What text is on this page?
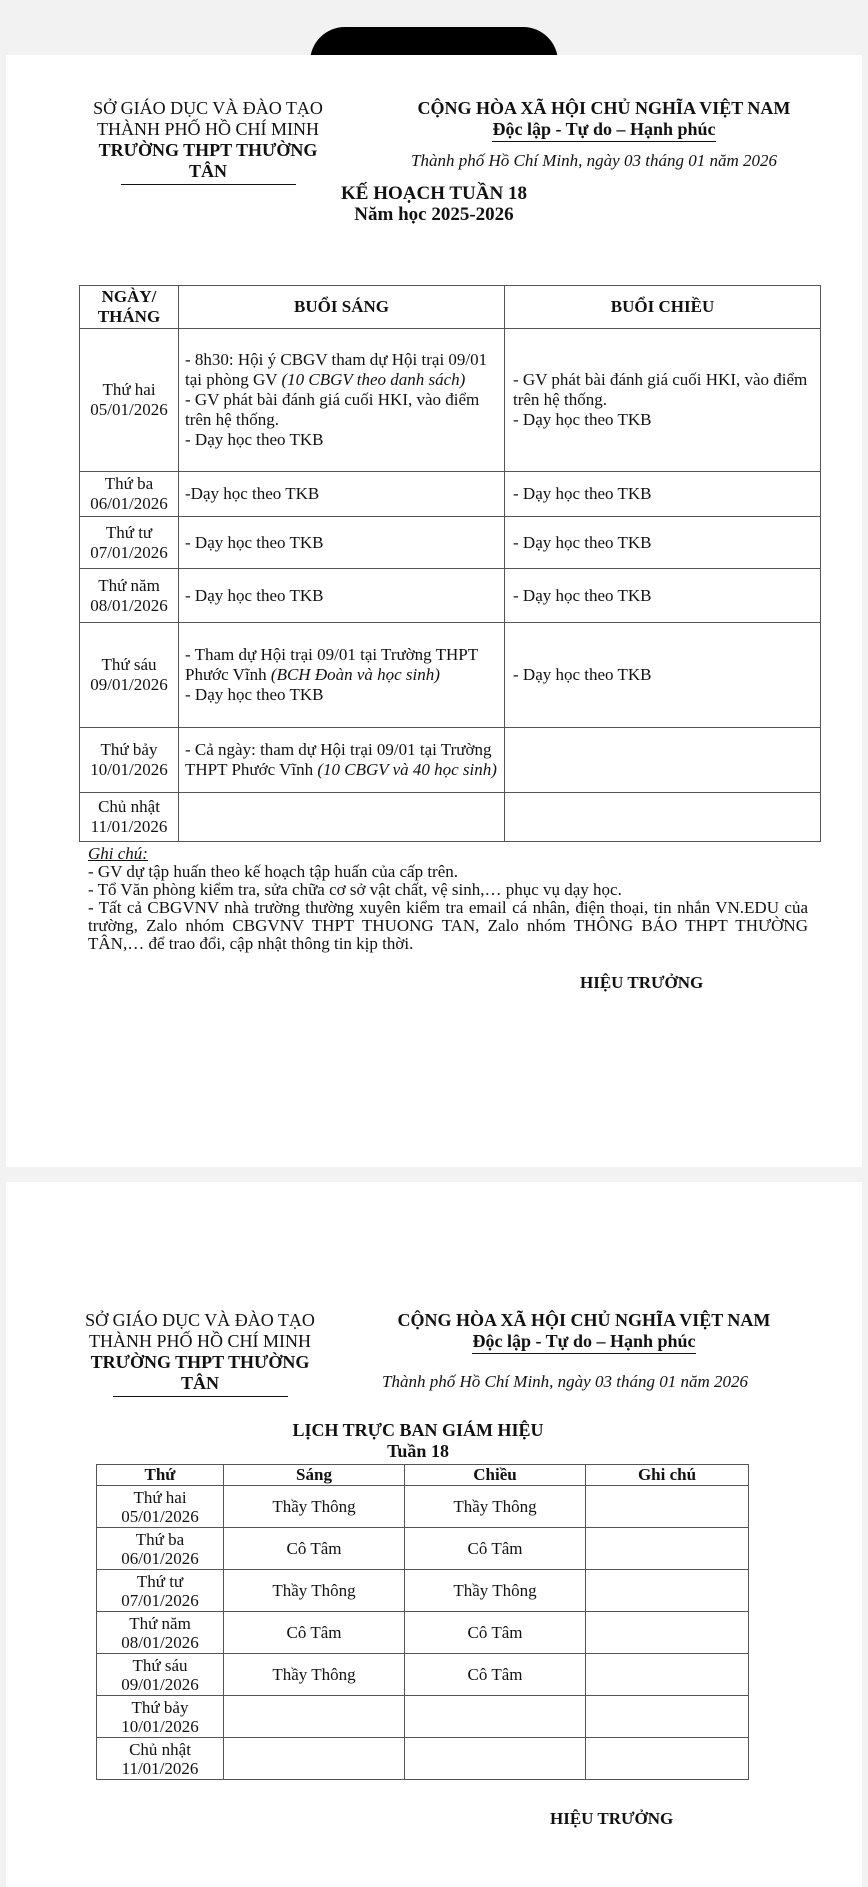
SỞ GIÁO DỤC VÀ ĐÀO TẠO
THÀNH PHỐ HỒ CHÍ MINH
TRƯỜNG THPT THƯỜNG TÂN
CỘNG HÒA XÃ HỘI CHỦ NGHĨA VIỆT NAM
Độc lập - Tự do – Hạnh phúc
Thành phố Hồ Chí Minh, ngày 03 tháng 01 năm 2026
KẾ HOẠCH TUẦN 18
Năm học 2025-2026
NGÀY/
THÁNG	BUỔI SÁNG	BUỔI CHIỀU

Thứ hai
05/01/2026	- 8h30: Hội ý CBGV tham dự Hội trại 09/01 tại phòng GV (10 CBGV theo danh sách)
- GV phát bài đánh giá cuối HKI, vào điểm trên hệ thống.
- Dạy học theo TKB	- GV phát bài đánh giá cuối HKI, vào điểm trên hệ thống.
- Dạy học theo TKB

Thứ ba
06/01/2026	-Dạy học theo TKB	- Dạy học theo TKB

Thứ tư
07/01/2026	- Dạy học theo TKB	- Dạy học theo TKB

Thứ năm
08/01/2026	- Dạy học theo TKB	- Dạy học theo TKB

Thứ sáu
09/01/2026	- Tham dự Hội trại 09/01 tại Trường THPT Phước Vĩnh (BCH Đoàn và học sinh)
- Dạy học theo TKB	- Dạy học theo TKB

Thứ bảy
10/01/2026	- Cả ngày: tham dự Hội trại 09/01 tại Trường THPT Phước Vĩnh (10 CBGV và 40 học sinh)	

Chủ nhật
11/01/2026		

Ghi chú:
- GV dự tập huấn theo kế hoạch tập huấn của cấp trên.
- Tổ Văn phòng kiểm tra, sửa chữa cơ sở vật chất, vệ sinh,… phục vụ dạy học.
- Tất cả CBGVNV nhà trường thường xuyên kiểm tra email cá nhân, điện thoại, tin nhắn VN.EDU của trường, Zalo nhóm CBGVNV THPT THUONG TAN, Zalo nhóm THÔNG BÁO THPT THƯỜNG TÂN,… để trao đổi, cập nhật thông tin kịp thời.
HIỆU TRƯỞNG
SỞ GIÁO DỤC VÀ ĐÀO TẠO
THÀNH PHỐ HỒ CHÍ MINH
TRƯỜNG THPT THƯỜNG TÂN
CỘNG HÒA XÃ HỘI CHỦ NGHĨA VIỆT NAM
Độc lập - Tự do – Hạnh phúc
Thành phố Hồ Chí Minh, ngày 03 tháng 01 năm 2026
LỊCH TRỰC BAN GIÁM HIỆU
Tuần 18
Thứ	Sáng	Chiều	Ghi chú

Thứ hai
05/01/2026	Thầy Thông	Thầy Thông	

Thứ ba
06/01/2026	Cô Tâm	Cô Tâm	

Thứ tư
07/01/2026	Thầy Thông	Thầy Thông	

Thứ năm
08/01/2026	Cô Tâm	Cô Tâm	

Thứ sáu
09/01/2026	Thầy Thông	Cô Tâm	

Thứ bảy
10/01/2026			

Chủ nhật
11/01/2026			

HIỆU TRƯỞNG
